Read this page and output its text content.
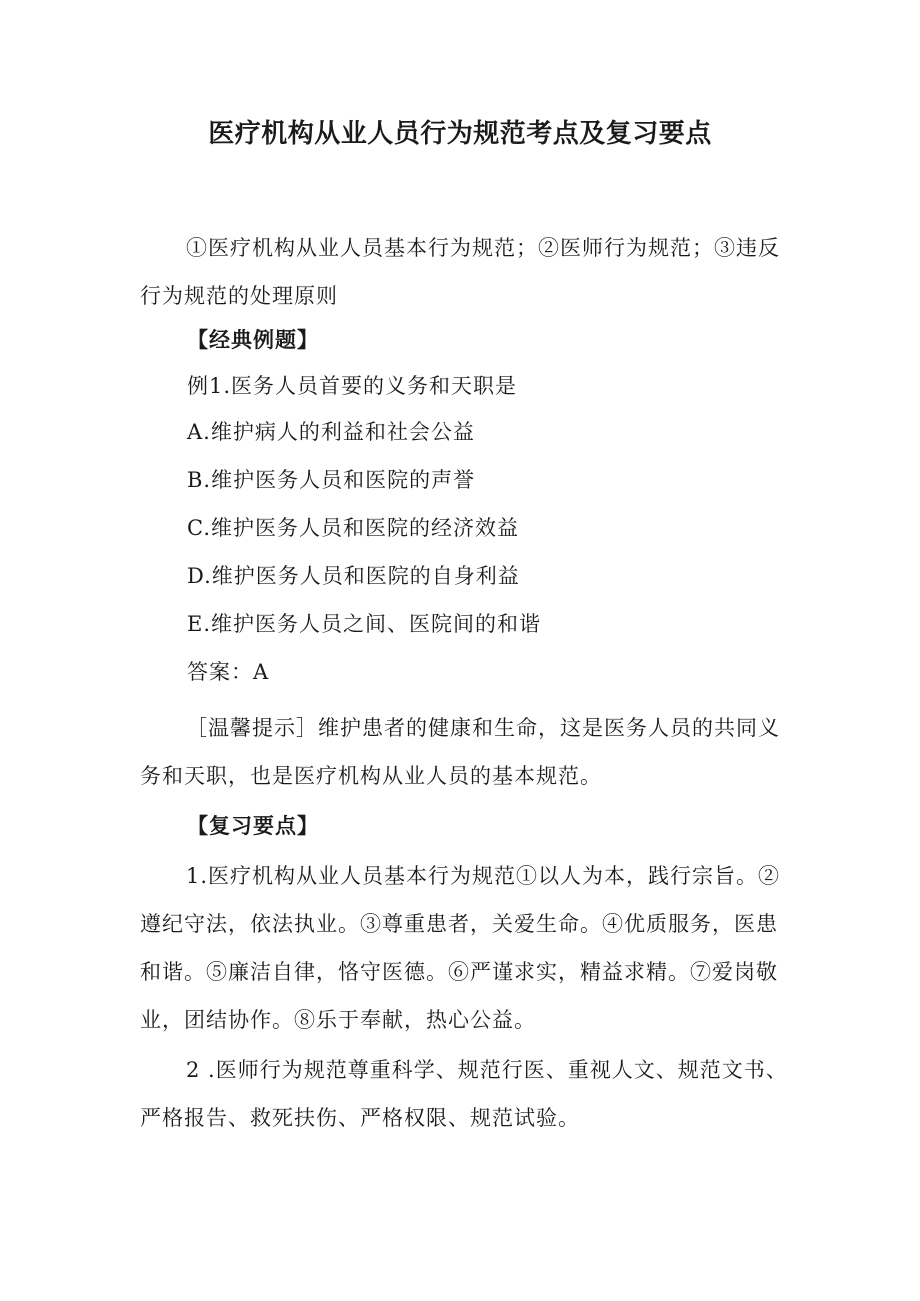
医疗机构从业人员行为规范考点及复习要点

①医疗机构从业人员基本行为规范；②医师行为规范；③违反行为规范的处理原则

【经典例题】

例1.医务人员首要的义务和天职是

A.维护病人的利益和社会公益

B.维护医务人员和医院的声誉

C.维护医务人员和医院的经济效益

D.维护医务人员和医院的自身利益

E.维护医务人员之间、医院间的和谐

答案：A

［温馨提示］维护患者的健康和生命，这是医务人员的共同义务和天职，也是医疗机构从业人员的基本规范。

【复习要点】

1.医疗机构从业人员基本行为规范①以人为本，践行宗旨。②遵纪守法，依法执业。③尊重患者，关爱生命。④优质服务，医患和谐。⑤廉洁自律，恪守医德。⑥严谨求实，精益求精。⑦爱岗敬业，团结协作。⑧乐于奉献，热心公益。

2 .医师行为规范尊重科学、规范行医、重视人文、规范文书、严格报告、救死扶伤、严格权限、规范试验。
